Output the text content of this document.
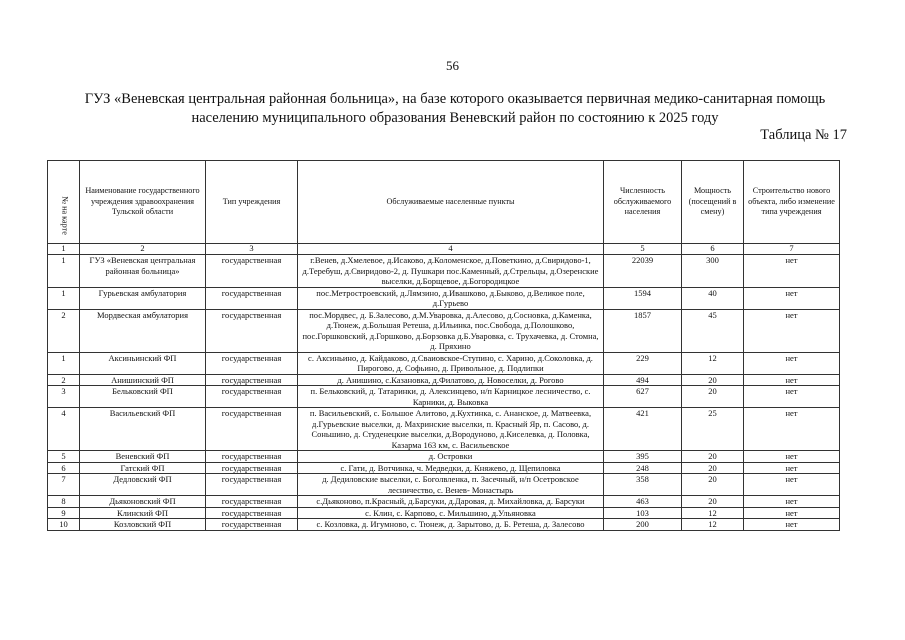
56
ГУЗ «Веневская центральная районная больница», на базе которого оказывается первичная медико-санитарная помощь
населению муниципального образования Веневский район по состоянию к 2025 году
Таблица № 17
№ на карте	Наименование государственного учреждения здравоохранения Тульской области	Тип учреждения	Обслуживаемые населенные пункты	Численность обслуживаемого населения	Мощность (посещений в смену)	Строительство нового объекта, либо изменение типа учреждения
1	2	3	4	5	6	7
1	ГУЗ «Веневская центральная районная больница»	государственная	г.Венев, д.Хмелевое, д.Исаково, д.Коломенское, д.Поветкино, д.Свиридово-1, д.Теребуш, д.Свиридово-2, д. Пушкари пос.Каменный, д.Стрельцы, д.Озеренские выселки, д.Борщевое, д.Богородицкое	22039	300	нет
1	Гурьевская амбулатория	государственная	пос.Метростроевский, д.Лямзино, д.Ивашково, д.Быково, д.Великое поле, д.Гурьево	1594	40	нет
2	Мордвеская амбулатория	государственная	пос.Мордвес, д. Б.Залесово, д.М.Уваровка, д.Алесово, д.Сосновка, д.Каменка, д.Тюнеж, д.Большая Ретеша, д.Ильинка, пос.Свобода, д.Полошково, пос.Горшковский, д.Горшково, д.Борзовка д.Б.Уваровка, с. Трухачевка, д. Стомна, д. Пряхино	1857	45	нет
1	Аксиньинский ФП	государственная	с. Аксиньино, д. Кайдаково, д.Сваиовское-Ступино, с. Харино, д.Соколовка, д. Пирогово, д. Софьино, д. Привольное, д. Подлипки	229	12	нет
2	Анишинский ФП	государственная	д. Анишино, с.Казановка, д.Филатово, д. Новоселки, д. Рогово	494	20	нет
3	Бельковский ФП	государственная	п. Бельковский, д. Татаринки, д. Алексинцево, н/п Карницкое лесничество, с. Карники, д. Выковка	627	20	нет
4	Васильевский ФП	государственная	п. Васильевский, с. Большое Алитово, д.Кухтинка, с. Ананское, д. Матвеевка, д.Гурьевские выселки, д. Махринские выселки, п. Красный Яр, п. Сасово, д. Соньшино, д. Студенецкие выселки, д.Вородуново, д.Киселевка, д. Половка, Казарма 163 км, с. Васильевское	421	25	нет
5	Веневский ФП	государственная	д. Островки	395	20	нет
6	Гатский ФП	государственная	с. Гати, д. Вотчинка, ч. Медведки, д. Княжево, д. Щепиловка	248	20	нет
7	Дедловский ФП	государственная	д. Дедиловские выселки, с. Боголвленка, п. Засечный, н/п Осетровское лесничество, с. Венев- Монастырь	358	20	нет
8	Дьяконовский ФП	государственная	с.Дьяконово, п.Красный, д.Барсуки, д.Даровая, д. Михайловка, д. Барсуки	463	20	нет
9	Клинский ФП	государственная	с. Клин, с. Карпово, с. Мильшино, д.Ульяновка	103	12	нет
10	Козловский ФП	государственная	с. Козловка, д. Игумново, с. Тюнеж, д. Зарытово, д. Б. Ретеша, д. Залесово	200	12	нет
